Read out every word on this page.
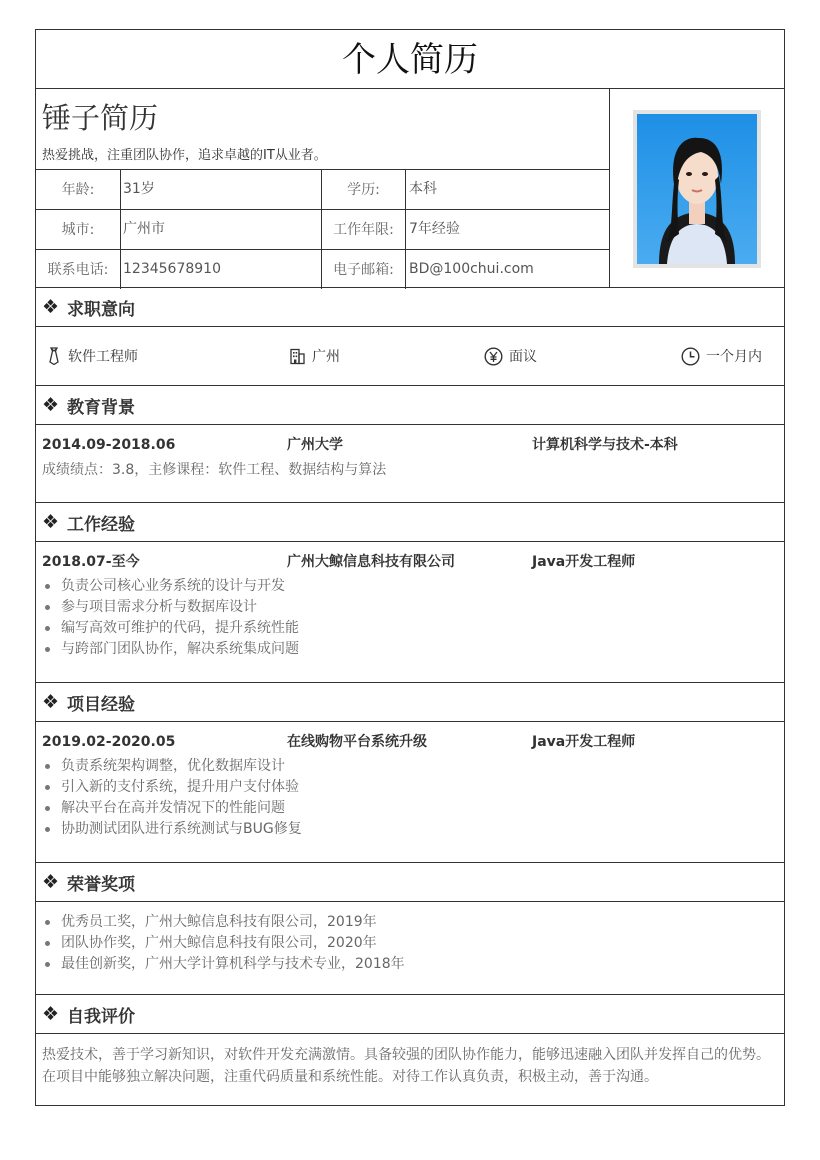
个人简历
锤子简历
热爱挑战，注重团队协作，追求卓越的IT从业者。
年龄:	31岁	学历:	本科
城市:	广州市	工作年限:	7年经验
联系电话:	12345678910	电子邮箱:	BD@100chui.com
❖ 求职意向
软件工程师	广州	面议	一个月内
❖ 教育背景
2014.09-2018.06	广州大学	计算机科学与技术-本科
成绩绩点：3.8，主修课程：软件工程、数据结构与算法
❖ 工作经验
2018.07-至今	广州大鲸信息科技有限公司	Java开发工程师
负责公司核心业务系统的设计与开发
参与项目需求分析与数据库设计
编写高效可维护的代码，提升系统性能
与跨部门团队协作，解决系统集成问题
❖ 项目经验
2019.02-2020.05	在线购物平台系统升级	Java开发工程师
负责系统架构调整，优化数据库设计
引入新的支付系统，提升用户支付体验
解决平台在高并发情况下的性能问题
协助测试团队进行系统测试与BUG修复
❖ 荣誉奖项
优秀员工奖，广州大鲸信息科技有限公司，2019年
团队协作奖，广州大鲸信息科技有限公司，2020年
最佳创新奖，广州大学计算机科学与技术专业，2018年
❖ 自我评价
热爱技术，善于学习新知识，对软件开发充满激情。具备较强的团队协作能力，能够迅速融入团队并发挥自己的优势。
在项目中能够独立解决问题，注重代码质量和系统性能。对待工作认真负责，积极主动，善于沟通。
